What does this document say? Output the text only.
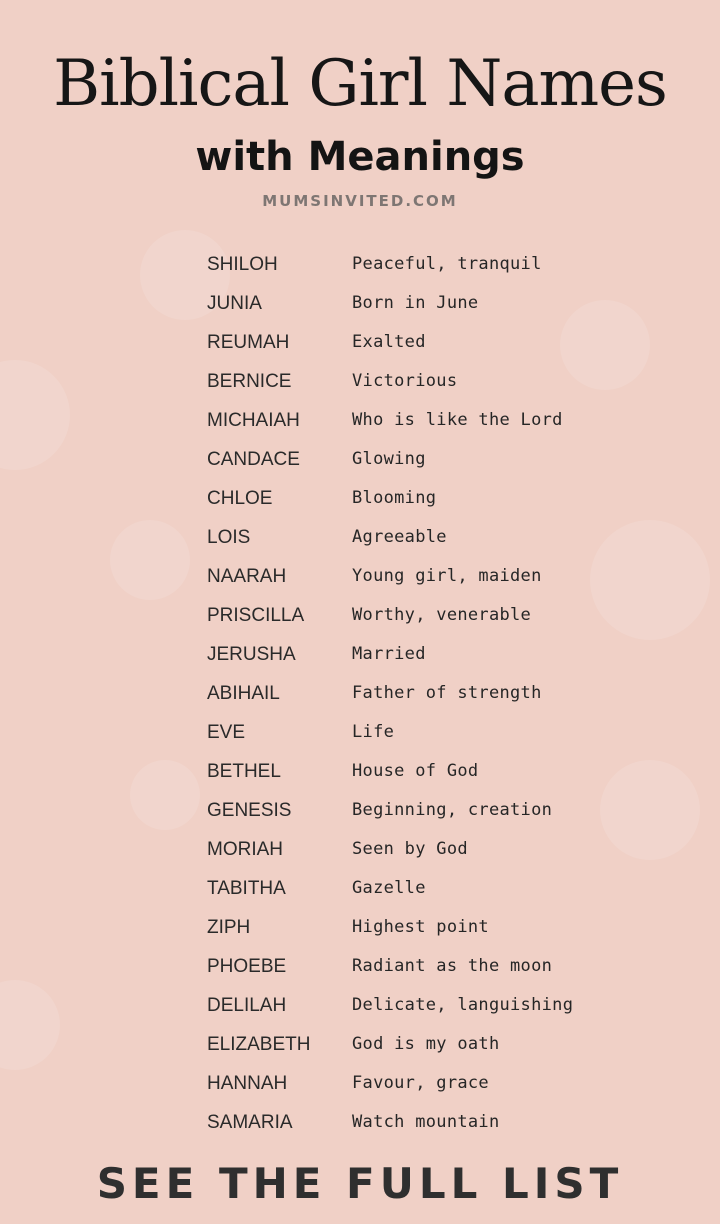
Biblical Girl Names
with Meanings
MUMSINVITED.COM
SHILOH	Peaceful, tranquil
JUNIA	Born in June
REUMAH	Exalted
BERNICE	Victorious
MICHAIAH	Who is like the Lord
CANDACE	Glowing
CHLOE	Blooming
LOIS	Agreeable
NAARAH	Young girl, maiden
PRISCILLA	Worthy, venerable
JERUSHA	Married
ABIHAIL	Father of strength
EVE	Life
BETHEL	House of God
GENESIS	Beginning, creation
MORIAH	Seen by God
TABITHA	Gazelle
ZIPH	Highest point
PHOEBE	Radiant as the moon
DELILAH	Delicate, languishing
ELIZABETH God is my oath
HANNAH	Favour, grace
SAMARIA	Watch mountain
SEE THE FULL LIST
